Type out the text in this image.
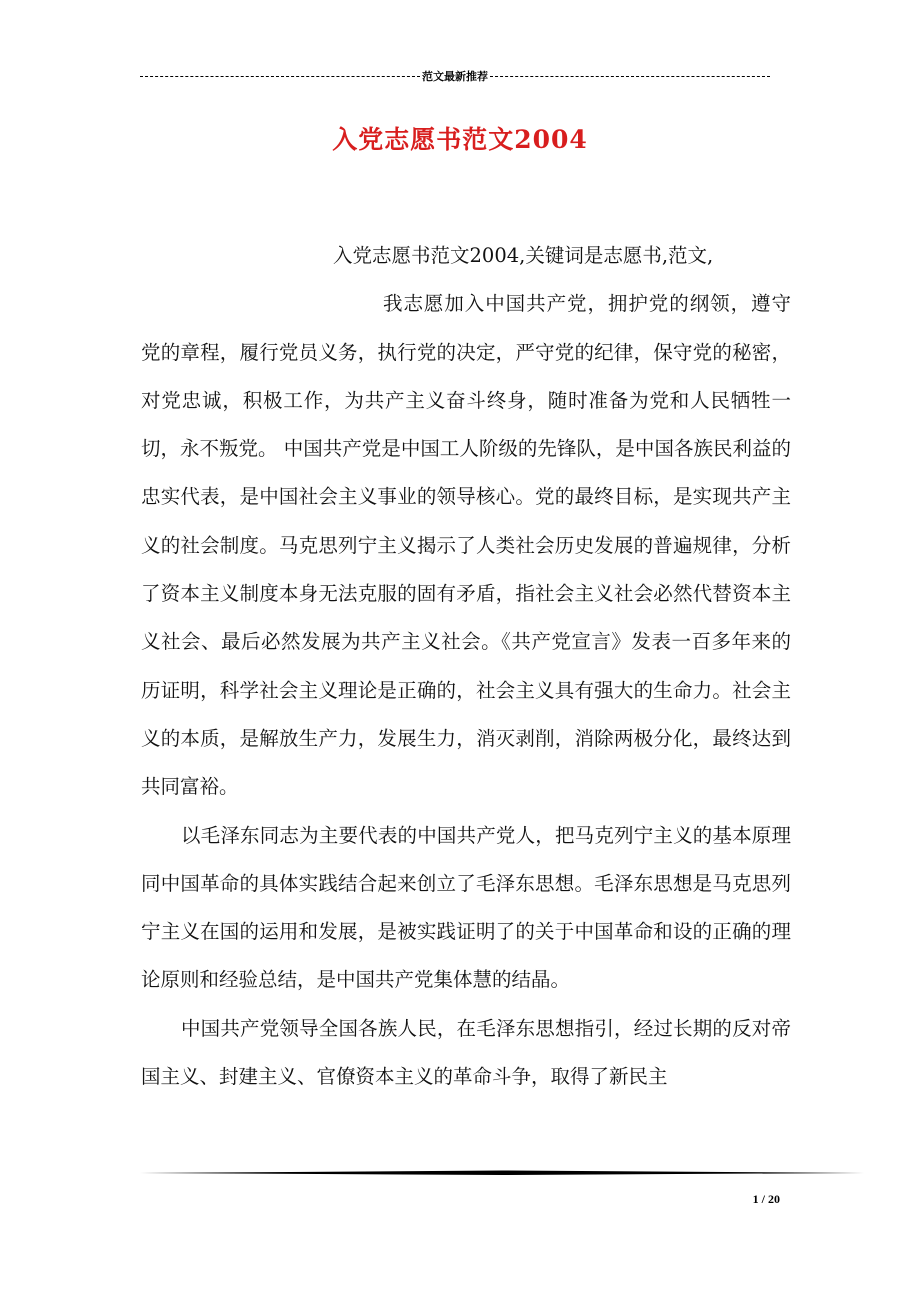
范文最新推荐
入党志愿书范文2004

入党志愿书范文2004,关键词是志愿书,范文,

我志愿加入中国共产党，拥护党的纲领，遵守党的章程，履行党员义务，执行党的决定，严守党的纪律，保守党的秘密，对党忠诚，积极工作，为共产主义奋斗终身，随时准备为党和人民牺牲一切，永不叛党。 中国共产党是中国工人阶级的先锋队，是中国各族民利益的忠实代表，是中国社会主义事业的领导核心。党的最终目标，是实现共产主义的社会制度。马克思列宁主义揭示了人类社会历史发展的普遍规律，分析了资本主义制度本身无法克服的固有矛盾，指社会主义社会必然代替资本主义社会、最后必然发展为共产主义社会。《共产党宣言》发表一百多年来的历证明，科学社会主义理论是正确的，社会主义具有强大的生命力。社会主义的本质，是解放生产力，发展生力，消灭剥削，消除两极分化，最终达到共同富裕。

以毛泽东同志为主要代表的中国共产党人，把马克列宁主义的基本原理同中国革命的具体实践结合起来创立了毛泽东思想。毛泽东思想是马克思列宁主义在国的运用和发展，是被实践证明了的关于中国革命和设的正确的理论原则和经验总结，是中国共产党集体慧的结晶。

中国共产党领导全国各族人民，在毛泽东思想指引，经过长期的反对帝国主义、封建主义、官僚资本主义的革命斗争，取得了新民主

1 / 20
